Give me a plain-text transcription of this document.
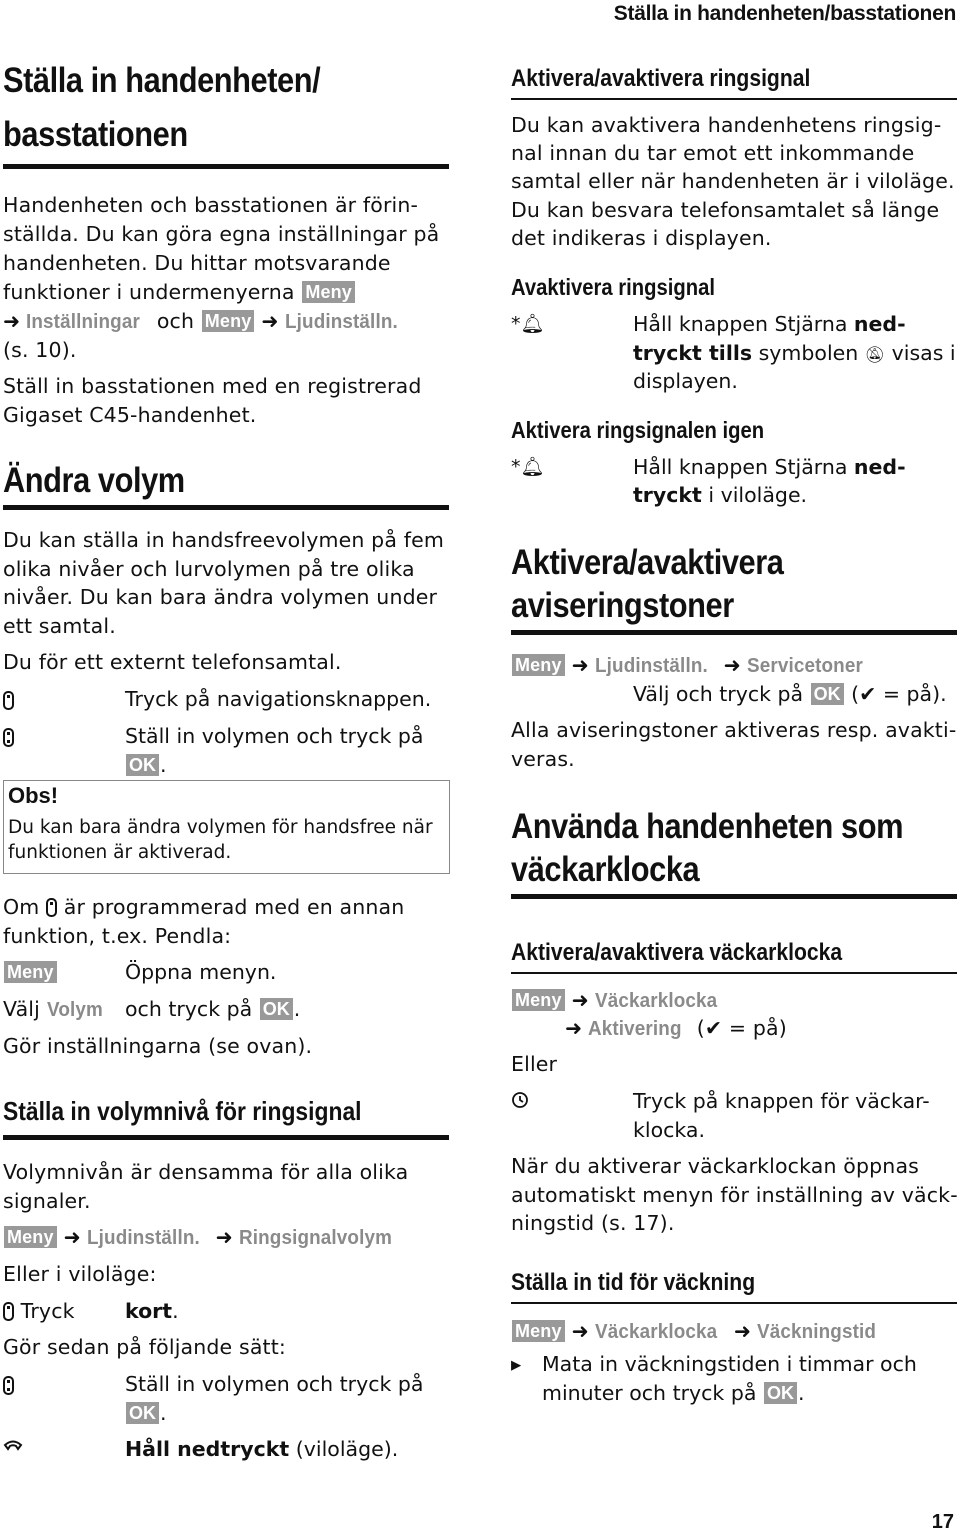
Ställa in handenheten/basstationen
Ställa in handenheten/
basstationen
Handenheten och basstationen är förin-
ställda. Du kan göra egna inställningar på
handenheten. Du hittar motsvarande
funktioner i undermenyerna Meny
➜ Inställningar och Meny ➜ Ljudinställn.
(s. 10).
Ställ in basstationen med en registrerad
Gigaset C45-handenhet.
Ändra volym
Du kan ställa in handsfreevolymen på fem
olika nivåer och lurvolymen på tre olika
nivåer. Du kan bara ändra volymen under
ett samtal.
Du för ett externt telefonsamtal.
Tryck på navigationsknappen.
Ställ in volymen och tryck på
OK .
Obs!
Du kan bara ändra volymen för handsfree när
funktionen är aktiverad.
Om är programmerad med en annan
funktion, t.ex. Pendla:
Meny	Öppna menyn.
Välj Volym och tryck på OK .
Gör inställningarna (se ovan).
Ställa in volymnivå för ringsignal
Volymnivån är densamma för alla olika
signaler.
Meny ➜ Ljudinställn. ➜ Ringsignalvolym
Eller i viloläge:
Tryck kort.
Gör sedan på följande sätt:
Ställ in volymen och tryck på
OK .
Håll nedtryckt (viloläge).
Aktivera/avaktivera ringsignal
Du kan avaktivera handenhetens ringsig-
nal innan du tar emot ett inkommande
samtal eller när handenheten är i viloläge.
Du kan besvara telefonsamtalet så länge
det indikeras i displayen.
Avaktivera ringsignal
*🔔︎	Håll knappen Stjärna ned-
tryckt tills symbolen 🔕︎ visas i
displayen.
Aktivera ringsignalen igen
*🔔︎	Håll knappen Stjärna ned-
tryckt i viloläge.
Aktivera/avaktivera
aviseringstoner
Meny ➜ Ljudinställn. ➜ Servicetoner
Välj och tryck på OK (✔ = på).
Alla aviseringstoner aktiveras resp. avakti-
veras.
Använda handenheten som
väckarklocka
Aktivera/avaktivera väckarklocka
Meny ➜ Väckarklocka
➜ Aktivering (✔ = på)
Eller
Tryck på knappen för väckar-
klocka.
När du aktiverar väckarklockan öppnas
automatiskt menyn för inställning av väck-
ningstid (s. 17).
Ställa in tid för väckning
Meny ➜ Väckarklocka ➜ Väckningstid
▸ Mata in väckningstiden i timmar och
minuter och tryck på OK .
17
